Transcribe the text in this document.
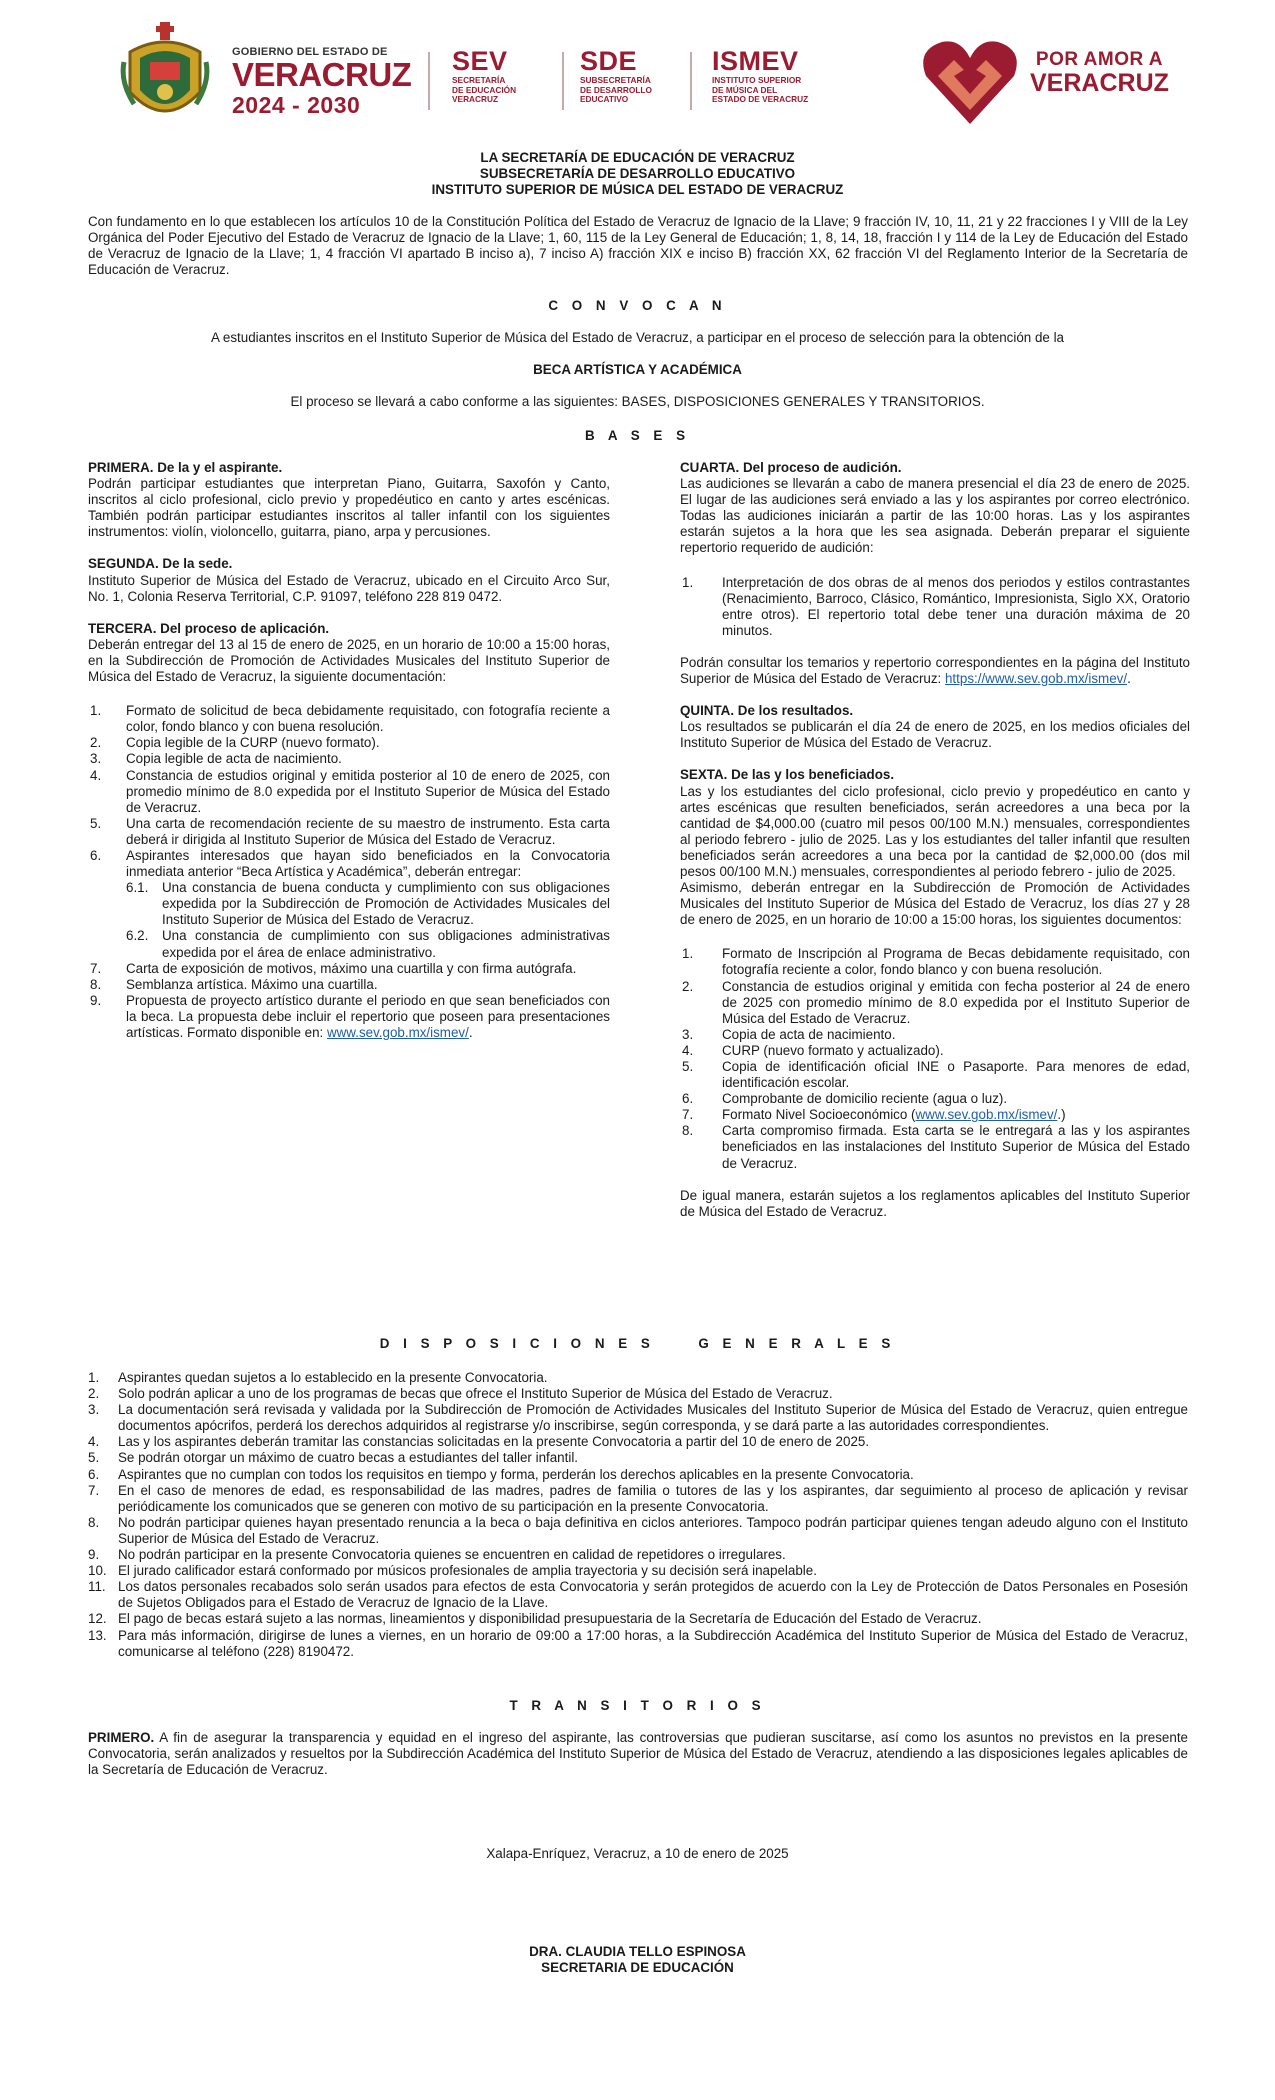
GOBIERNO DEL ESTADO DE
VERACRUZ
2024 - 2030
SEV
SECRETARÍA
DE EDUCACIÓN
VERACRUZ
SDE
SUBSECRETARÍA
DE DESARROLLO
EDUCATIVO
ISMEV
INSTITUTO SUPERIOR
DE MÚSICA DEL
ESTADO DE VERACRUZ
POR AMOR A
VERACRUZ
LA SECRETARÍA DE EDUCACIÓN DE VERACRUZ
SUBSECRETARÍA DE DESARROLLO EDUCATIVO
INSTITUTO SUPERIOR DE MÚSICA DEL ESTADO DE VERACRUZ
Con fundamento en lo que establecen los artículos 10 de la Constitución Política del Estado de Veracruz de Ignacio de la Llave; 9 fracción IV, 10, 11, 21 y 22 fracciones I y VIII de la Ley Orgánica del Poder Ejecutivo del Estado de Veracruz de Ignacio de la Llave; 1, 60, 115 de la Ley General de Educación; 1, 8, 14, 18, fracción I y 114 de la Ley de Educación del Estado de Veracruz de Ignacio de la Llave; 1, 4 fracción VI apartado B inciso a), 7 inciso A) fracción XIX e inciso B) fracción XX, 62 fracción VI del Reglamento Interior de la Secretaría de Educación de Veracruz.
C O N V O C A N
A estudiantes inscritos en el Instituto Superior de Música del Estado de Veracruz, a participar en el proceso de selección para la obtención de la
BECA ARTÍSTICA Y ACADÉMICA
El proceso se llevará a cabo conforme a las siguientes: BASES, DISPOSICIONES GENERALES Y TRANSITORIOS.
B A S E S
PRIMERA. De la y el aspirante.
Podrán participar estudiantes que interpretan Piano, Guitarra, Saxofón y Canto, inscritos al ciclo profesional, ciclo previo y propedéutico en canto y artes escénicas. También podrán participar estudiantes inscritos al taller infantil con los siguientes instrumentos: violín, violoncello, guitarra, piano, arpa y percusiones.
SEGUNDA. De la sede.
Instituto Superior de Música del Estado de Veracruz, ubicado en el Circuito Arco Sur, No. 1, Colonia Reserva Territorial, C.P. 91097, teléfono 228 819 0472.
TERCERA. Del proceso de aplicación.
Deberán entregar del 13 al 15 de enero de 2025, en un horario de 10:00 a 15:00 horas, en la Subdirección de Promoción de Actividades Musicales del Instituto Superior de Música del Estado de Veracruz, la siguiente documentación:
1.	Formato de solicitud de beca debidamente requisitado, con fotografía reciente a color, fondo blanco y con buena resolución.
2.	Copia legible de la CURP (nuevo formato).
3.	Copia legible de acta de nacimiento.
4.	Constancia de estudios original y emitida posterior al 10 de enero de 2025, con promedio mínimo de 8.0 expedida por el Instituto Superior de Música del Estado de Veracruz.
5.	Una carta de recomendación reciente de su maestro de instrumento. Esta carta deberá ir dirigida al Instituto Superior de Música del Estado de Veracruz.
6.	Aspirantes interesados que hayan sido beneficiados en la Convocatoria inmediata anterior “Beca Artística y Académica”, deberán entregar:
6.1.	Una constancia de buena conducta y cumplimiento con sus obligaciones expedida por la Subdirección de Promoción de Actividades Musicales del Instituto Superior de Música del Estado de Veracruz.
6.2.	Una constancia de cumplimiento con sus obligaciones administrativas expedida por el área de enlace administrativo.
7.	Carta de exposición de motivos, máximo una cuartilla y con firma autógrafa.
8.	Semblanza artística. Máximo una cuartilla.
9.	Propuesta de proyecto artístico durante el periodo en que sean beneficiados con la beca. La propuesta debe incluir el repertorio que poseen para presentaciones artísticas. Formato disponible en: www.sev.gob.mx/ismev/.
CUARTA. Del proceso de audición.
Las audiciones se llevarán a cabo de manera presencial el día 23 de enero de 2025. El lugar de las audiciones será enviado a las y los aspirantes por correo electrónico. Todas las audiciones iniciarán a partir de las 10:00 horas. Las y los aspirantes estarán sujetos a la hora que les sea asignada. Deberán preparar el siguiente repertorio requerido de audición:
1.	Interpretación de dos obras de al menos dos periodos y estilos contrastantes (Renacimiento, Barroco, Clásico, Romántico, Impresionista, Siglo XX, Oratorio entre otros). El repertorio total debe tener una duración máxima de 20 minutos.
Podrán consultar los temarios y repertorio correspondientes en la página del Instituto Superior de Música del Estado de Veracruz: https://www.sev.gob.mx/ismev/.
QUINTA. De los resultados.
Los resultados se publicarán el día 24 de enero de 2025, en los medios oficiales del Instituto Superior de Música del Estado de Veracruz.
SEXTA. De las y los beneficiados.
Las y los estudiantes del ciclo profesional, ciclo previo y propedéutico en canto y artes escénicas que resulten beneficiados, serán acreedores a una beca por la cantidad de $4,000.00 (cuatro mil pesos 00/100 M.N.) mensuales, correspondientes al periodo febrero - julio de 2025. Las y los estudiantes del taller infantil que resulten beneficiados serán acreedores a una beca por la cantidad de $2,000.00 (dos mil pesos 00/100 M.N.) mensuales, correspondientes al periodo febrero - julio de 2025.
Asimismo, deberán entregar en la Subdirección de Promoción de Actividades Musicales del Instituto Superior de Música del Estado de Veracruz, los días 27 y 28 de enero de 2025, en un horario de 10:00 a 15:00 horas, los siguientes documentos:
1.	Formato de Inscripción al Programa de Becas debidamente requisitado, con fotografía reciente a color, fondo blanco y con buena resolución.
2.	Constancia de estudios original y emitida con fecha posterior al 24 de enero de 2025 con promedio mínimo de 8.0 expedida por el Instituto Superior de Música del Estado de Veracruz.
3.	Copia de acta de nacimiento.
4.	CURP (nuevo formato y actualizado).
5.	Copia de identificación oficial INE o Pasaporte. Para menores de edad, identificación escolar.
6.	Comprobante de domicilio reciente (agua o luz).
7.	Formato Nivel Socioeconómico (www.sev.gob.mx/ismev/.)
8.	Carta compromiso firmada. Esta carta se le entregará a las y los aspirantes beneficiados en las instalaciones del Instituto Superior de Música del Estado de Veracruz.
De igual manera, estarán sujetos a los reglamentos aplicables del Instituto Superior de Música del Estado de Veracruz.
D I S P O S I C I O N E S     G E N E R A L E S
1.	Aspirantes quedan sujetos a lo establecido en la presente Convocatoria.
2.	Solo podrán aplicar a uno de los programas de becas que ofrece el Instituto Superior de Música del Estado de Veracruz.
3.	La documentación será revisada y validada por la Subdirección de Promoción de Actividades Musicales del Instituto Superior de Música del Estado de Veracruz, quien entregue documentos apócrifos, perderá los derechos adquiridos al registrarse y/o inscribirse, según corresponda, y se dará parte a las autoridades correspondientes.
4.	Las y los aspirantes deberán tramitar las constancias solicitadas en la presente Convocatoria a partir del 10 de enero de 2025.
5.	Se podrán otorgar un máximo de cuatro becas a estudiantes del taller infantil.
6.	Aspirantes que no cumplan con todos los requisitos en tiempo y forma, perderán los derechos aplicables en la presente Convocatoria.
7.	En el caso de menores de edad, es responsabilidad de las madres, padres de familia o tutores de las y los aspirantes, dar seguimiento al proceso de aplicación y revisar periódicamente los comunicados que se generen con motivo de su participación en la presente Convocatoria.
8.	No podrán participar quienes hayan presentado renuncia a la beca o baja definitiva en ciclos anteriores. Tampoco podrán participar quienes tengan adeudo alguno con el Instituto Superior de Música del Estado de Veracruz.
9.	No podrán participar en la presente Convocatoria quienes se encuentren en calidad de repetidores o irregulares.
10. El jurado calificador estará conformado por músicos profesionales de amplia trayectoria y su decisión será inapelable.
11. Los datos personales recabados solo serán usados para efectos de esta Convocatoria y serán protegidos de acuerdo con la Ley de Protección de Datos Personales en Posesión de Sujetos Obligados para el Estado de Veracruz de Ignacio de la Llave.
12. El pago de becas estará sujeto a las normas, lineamientos y disponibilidad presupuestaria de la Secretaría de Educación del Estado de Veracruz.
13. Para más información, dirigirse de lunes a viernes, en un horario de 09:00 a 17:00 horas, a la Subdirección Académica del Instituto Superior de Música del Estado de Veracruz, comunicarse al teléfono (228) 8190472.
T R A N S I T O R I O S
PRIMERO. A fin de asegurar la transparencia y equidad en el ingreso del aspirante, las controversias que pudieran suscitarse, así como los asuntos no previstos en la presente Convocatoria, serán analizados y resueltos por la Subdirección Académica del Instituto Superior de Música del Estado de Veracruz, atendiendo a las disposiciones legales aplicables de la Secretaría de Educación de Veracruz.
Xalapa-Enríquez, Veracruz, a 10 de enero de 2025
DRA. CLAUDIA TELLO ESPINOSA
SECRETARIA DE EDUCACIÓN
